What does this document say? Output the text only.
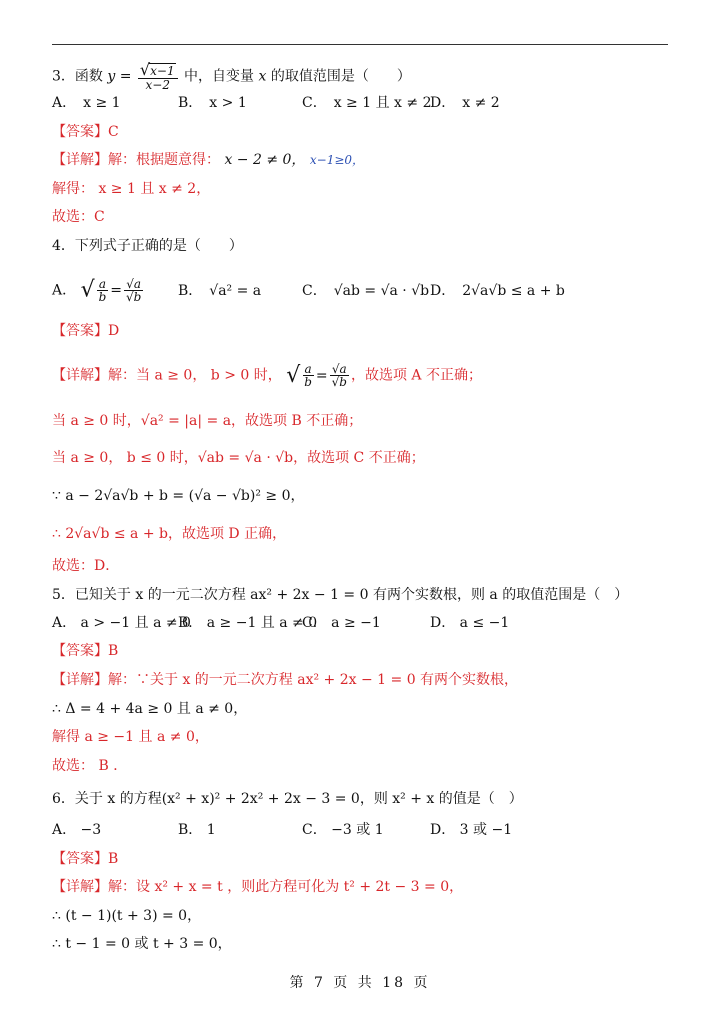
3．函数 $y = \frac{√x-1}{x-2}$ 中，自变量 x 的取值范围是（　　）
A．　x ≥ 1	B．　x > 1	C．　x ≥ 1 且 x ≠ 2
D．　x ≠ 2
【答案】C
【详解】解：根据题意得： x − 2 ≠ 0， x−1≥0，
解得： x ≥ 1 且 x ≠ 2，
故选：C
4．下列式子正确的是（　　）
A． √ $\frac{a}{b} = \frac{√a}{√b}$ B．　√a² = a	C．　√ab = √a · √b D．　2√a√b ≤ a + b
【答案】D
【详解】解：当 a ≥ 0， b > 0 时， √ $\frac{a}{b} = \frac{√a}{√b}$ ，故选项 A 不正确；
当 a ≥ 0 时，√a² = |a| = a，故选项 B 不正确；
当 a ≥ 0， b ≤ 0 时，√ab = √a · √b，故选项 C 不正确；
∵ a − 2√a√b + b = (√a − √b)² ≥ 0，
∴ 2√a√b ≤ a + b，故选项 D 正确，
故选：D．
5．已知关于 x 的一元二次方程 ax² + 2x − 1 = 0 有两个实数根，则 a 的取值范围是（　）
A． a > −1 且 a ≠ 0
B． a ≥ −1 且 a ≠ 0
C． a ≥ −1	D． a ≤ −1
【答案】B
【详解】解：∵关于 x 的一元二次方程 ax² + 2x − 1 = 0 有两个实数根，
∴ Δ = 4 + 4a ≥ 0 且 a ≠ 0，
解得 a ≥ −1 且 a ≠ 0，
故选： B ．
6．关于 x 的方程(x² + x)² + 2x² + 2x − 3 = 0，则 x² + x 的值是（　）
A． −3	B． 1	C． −3 或 1	D． 3 或 −1
【答案】B
【详解】解：设 x² + x = t ，则此方程可化为 t² + 2t − 3 = 0，
∴ (t − 1)(t + 3) = 0，
∴ t − 1 = 0 或 t + 3 = 0，
第 7 页 共 18 页
